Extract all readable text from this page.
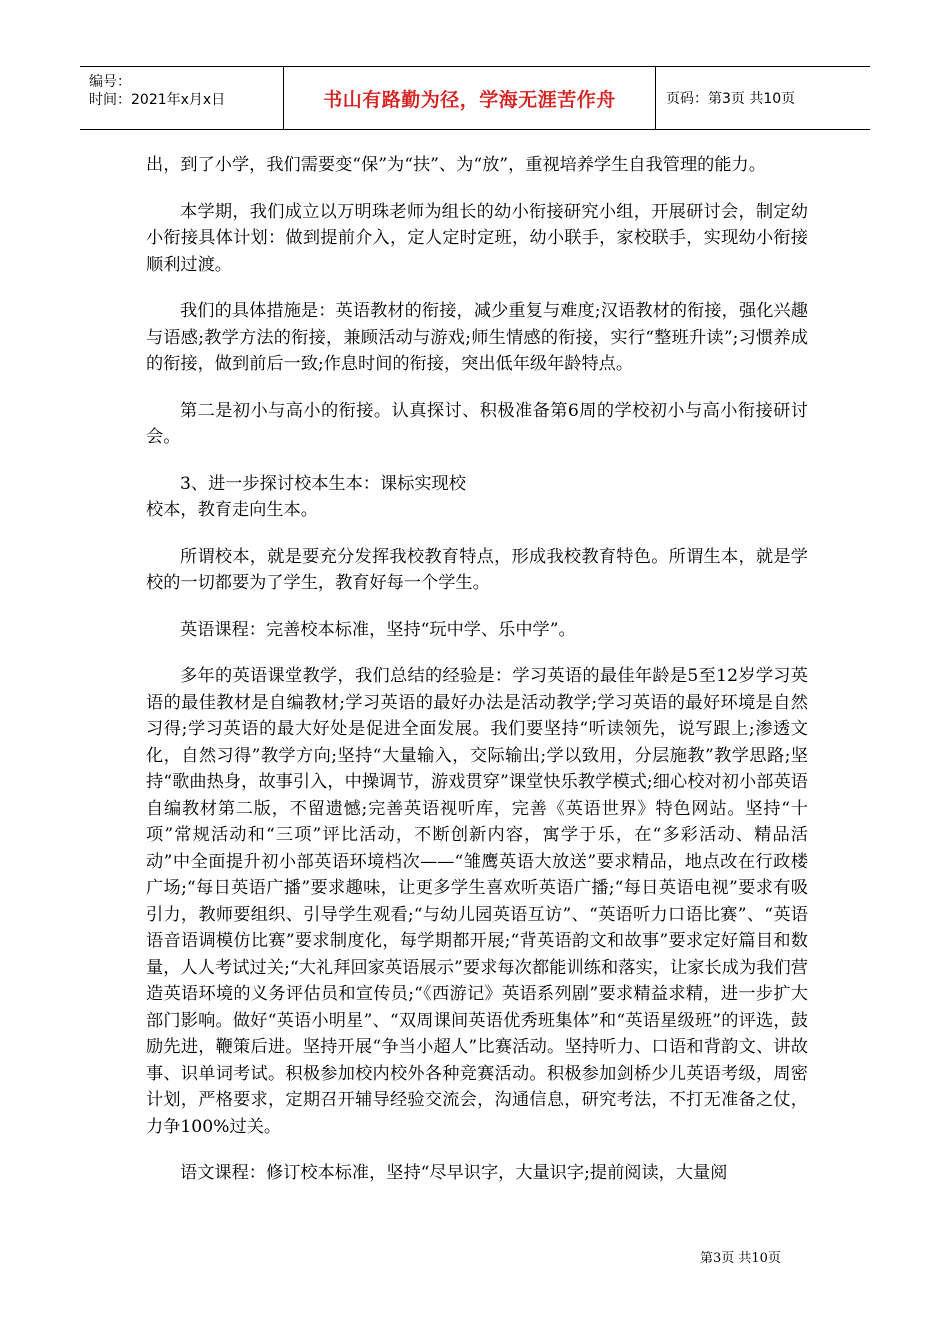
编号：
时间：2021年x月x日	书山有路勤为径，学海无涯苦作舟	页码：第3页 共10页

出，到了小学，我们需要变“保”为“扶”、为“放”，重视培养学生自我管理的能力。

本学期，我们成立以万明珠老师为组长的幼小衔接研究小组，开展研讨会，制定幼小衔接具体计划：做到提前介入，定人定时定班，幼小联手，家校联手，实现幼小衔接顺利过渡。

我们的具体措施是：英语教材的衔接，减少重复与难度;汉语教材的衔接，强化兴趣与语感;教学方法的衔接，兼顾活动与游戏;师生情感的衔接，实行“整班升读”;习惯养成的衔接，做到前后一致;作息时间的衔接，突出低年级年龄特点。

第二是初小与高小的衔接。认真探讨、积极准备第6周的学校初小与高小衔接研讨会。

3、进一步探讨校本生本：课标实现校

校本，教育走向生本。

所谓校本，就是要充分发挥我校教育特点，形成我校教育特色。所谓生本，就是学校的一切都要为了学生，教育好每一个学生。

英语课程：完善校本标准，坚持“玩中学、乐中学”。

多年的英语课堂教学，我们总结的经验是：学习英语的最佳年龄是5至12岁学习英语的最佳教材是自编教材;学习英语的最好办法是活动教学;学习英语的最好环境是自然习得;学习英语的最大好处是促进全面发展。我们要坚持“听读领先，说写跟上;渗透文化，自然习得”教学方向;坚持“大量输入，交际输出;学以致用，分层施教”教学思路;坚持“歌曲热身，故事引入，中操调节，游戏贯穿”课堂快乐教学模式;细心校对初小部英语自编教材第二版，不留遗憾;完善英语视听库，完善《英语世界》特色网站。坚持“十项”常规活动和“三项”评比活动，不断创新内容，寓学于乐，在“多彩活动、精品活动”中全面提升初小部英语环境档次——“雏鹰英语大放送”要求精品，地点改在行政楼广场;“每日英语广播”要求趣味，让更多学生喜欢听英语广播;“每日英语电视”要求有吸引力，教师要组织、引导学生观看;“与幼儿园英语互访”、“英语听力口语比赛”、“英语语音语调模仿比赛”要求制度化，每学期都开展;“背英语韵文和故事”要求定好篇目和数量，人人考试过关;“大礼拜回家英语展示”要求每次都能训练和落实，让家长成为我们营造英语环境的义务评估员和宣传员;“《西游记》英语系列剧”要求精益求精，进一步扩大部门影响。做好“英语小明星”、“双周课间英语优秀班集体”和“英语星级班”的评选，鼓励先进，鞭策后进。坚持开展“争当小超人”比赛活动。坚持听力、口语和背韵文、讲故事、识单词考试。积极参加校内校外各种竞赛活动。积极参加剑桥少儿英语考级，周密计划，严格要求，定期召开辅导经验交流会，沟通信息，研究考法，不打无准备之仗，力争100%过关。

语文课程：修订校本标准，坚持“尽早识字，大量识字;提前阅读，大量阅

第3页 共10页
